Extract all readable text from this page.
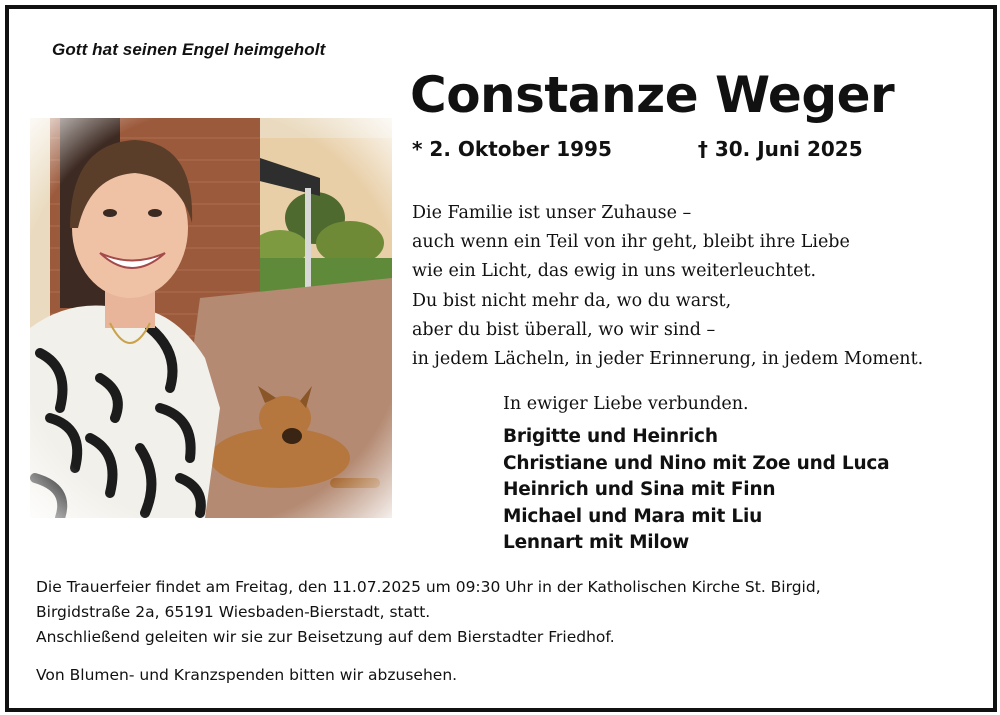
Gott hat seinen Engel heimgeholt
Constanze Weger
* 2. Oktober 1995	† 30. Juni 2025

Die Familie ist unser Zuhause –

auch wenn ein Teil von ihr geht, bleibt ihre Liebe

wie ein Licht, das ewig in uns weiterleuchtet.

Du bist nicht mehr da, wo du warst,

aber du bist überall, wo wir sind –

in jedem Lächeln, in jeder Erinnerung, in jedem Moment.

In ewiger Liebe verbunden.
Brigitte und Heinrich
Christiane und Nino mit Zoe und Luca
Heinrich und Sina mit Finn
Michael und Mara mit Liu
Lennart mit Milow

Die Trauerfeier findet am Freitag, den 11.07.2025 um 09:30 Uhr in der Katholischen Kirche St. Birgid,

Birgidstraße 2a, 65191 Wiesbaden-Bierstadt, statt.

Anschließend geleiten wir sie zur Beisetzung auf dem Bierstadter Friedhof.

Von Blumen- und Kranzspenden bitten wir abzusehen.
